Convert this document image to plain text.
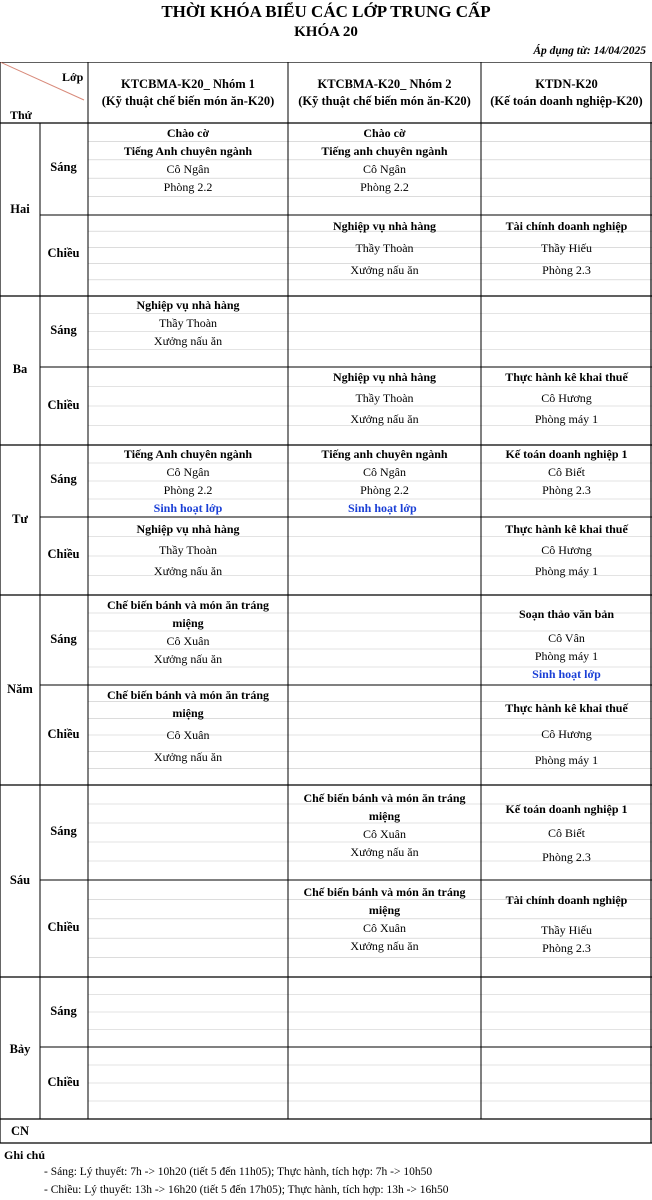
THỜI KHÓA BIỂU CÁC LỚP TRUNG CẤP
KHÓA 20
Áp dụng từ: 14/04/2025
Lớp
Thứ
KTCBMA-K20_ Nhóm 1
(Kỹ thuật chế biến món ăn-K20)
KTCBMA-K20_ Nhóm 2
(Kỹ thuật chế biến món ăn-K20)
KTDN-K20
(Kế toán doanh nghiệp-K20)
Hai
Ba
Tư
Năm
Sáu
Bảy
CN
Sáng
Chiều
Sáng
Chiều
Sáng
Chiều
Sáng
Chiều
Sáng
Chiều
Sáng
Chiều
Chào cờ
Tiếng Anh chuyên ngành
Cô Ngân
Phòng 2.2
Chào cờ
Tiếng anh chuyên ngành
Cô Ngân
Phòng 2.2
Nghiệp vụ nhà hàng
Thầy Thoàn
Xưởng nấu ăn
Tài chính doanh nghiệp
Thầy Hiếu
Phòng 2.3
Nghiệp vụ nhà hàng
Thầy Thoàn
Xưởng nấu ăn
Nghiệp vụ nhà hàng
Thầy Thoàn
Xưởng nấu ăn
Thực hành kê khai thuế
Cô Hương
Phòng máy 1
Tiếng Anh chuyên ngành
Cô Ngân
Phòng 2.2
Sinh hoạt lớp
Tiếng anh chuyên ngành
Cô Ngân
Phòng 2.2
Sinh hoạt lớp
Kế toán doanh nghiệp 1
Cô Biết
Phòng 2.3
Nghiệp vụ nhà hàng
Thầy Thoàn
Xưởng nấu ăn
Thực hành kê khai thuế
Cô Hương
Phòng máy 1
Chế biến bánh và món ăn tráng
miệng
Cô Xuân
Xưởng nấu ăn
Soạn thảo văn bản
Cô Vân
Phòng máy 1
Sinh hoạt lớp
Chế biến bánh và món ăn tráng
miệng
Cô Xuân
Xưởng nấu ăn
Thực hành kê khai thuế
Cô Hương
Phòng máy 1
Chế biến bánh và món ăn tráng
miệng
Cô Xuân
Xưởng nấu ăn
Kế toán doanh nghiệp 1
Cô Biết
Phòng 2.3
Chế biến bánh và món ăn tráng
miệng
Cô Xuân
Xưởng nấu ăn
Tài chính doanh nghiệp
Thầy Hiếu
Phòng 2.3
Ghi chú
- Sáng: Lý thuyết: 7h -> 10h20 (tiết 5 đến 11h05); Thực hành, tích hợp: 7h -> 10h50
- Chiều: Lý thuyết: 13h -> 16h20 (tiết 5 đến 17h05); Thực hành, tích hợp: 13h -> 16h50
